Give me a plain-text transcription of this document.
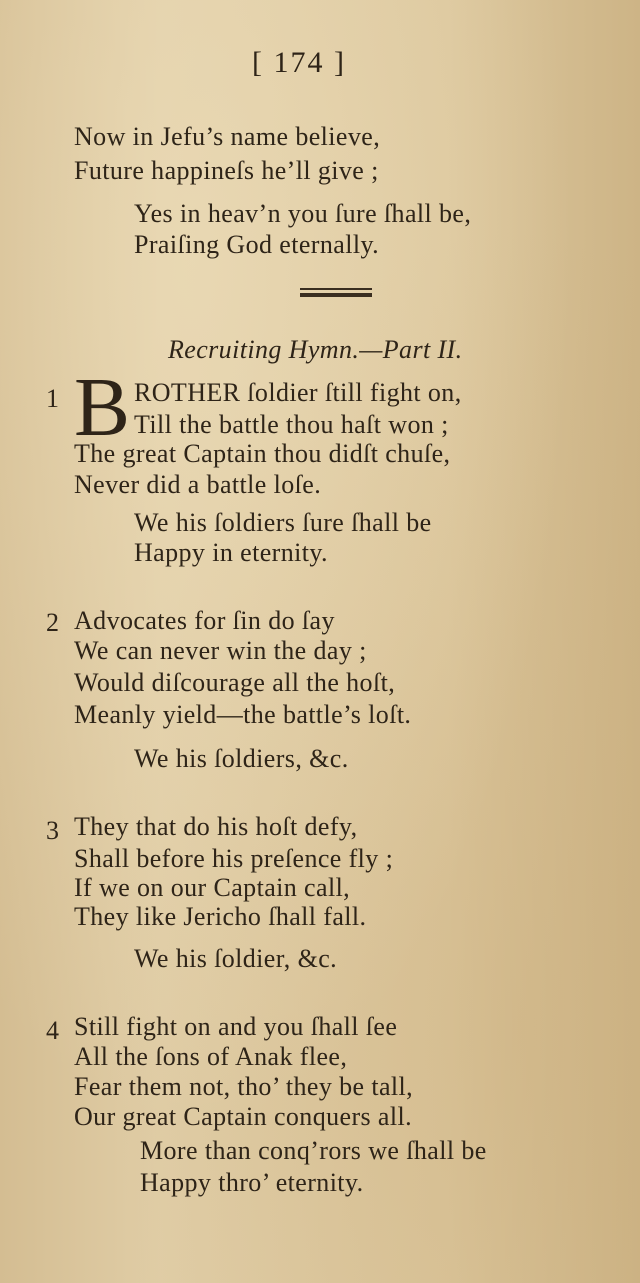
[ 174 ]
Now in Jefu’s name believe,
Future happineſs he’ll give ;
Yes in heav’n you ſure ſhall be,
Praiſing God eternally.
Recruiting Hymn.—Part II.
1 B ROTHER ſoldier ſtill fight on,
Till the battle thou haſt won ;
The great Captain thou didſt chuſe,
Never did a battle loſe.
We his ſoldiers ſure ſhall be
Happy in eternity.
2 Advocates for ſin do ſay
We can never win the day ;
Would diſcourage all the hoſt,
Meanly yield—the battle’s loſt.
We his ſoldiers, &c.
3 They that do his hoſt defy,
Shall before his preſence fly ;
If we on our Captain call,
They like Jericho ſhall fall.
We his ſoldier, &c.
4 Still fight on and you ſhall ſee
All the ſons of Anak flee,
Fear them not, tho’ they be tall,
Our great Captain conquers all.
More than conq’rors we ſhall be
Happy thro’ eternity.
